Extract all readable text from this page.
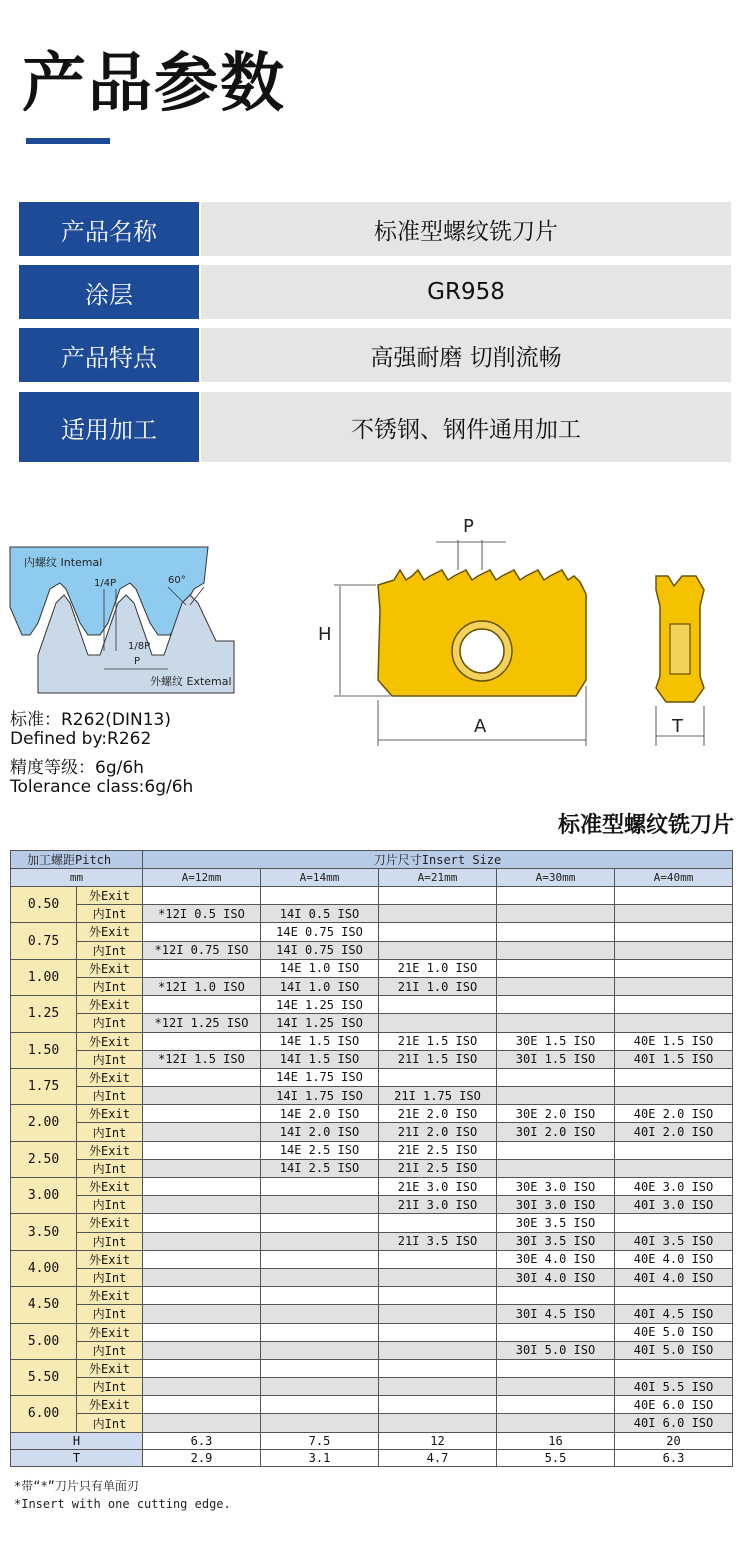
产品参数
产品名称	标准型螺纹铣刀片
涂层	GR958
产品特点	高强耐磨 切削流畅
适用加工	不锈钢、钢件通用加工
内螺纹 Intemal
外螺纹 Extemal
1/4P
1/8P
P
60°
H
P
A	T
标准：R262(DIN13)
Defined by:R262
精度等级：6g/6h
Tolerance class:6g/6h
标准型螺纹铣刀片
加工螺距Pitch		刀片尺寸Insert Size				
mm		A=12mm	A=14mm	A=21mm	A=30mm	A=40mm
0.50	外Exit					
	内Int	*12I 0.5 ISO	14I 0.5 ISO			
0.75	外Exit		14E 0.75 ISO			
	内Int	*12I 0.75 ISO	14I 0.75 ISO			
1.00	外Exit		14E 1.0 ISO	21E 1.0 ISO		
	内Int	*12I 1.0 ISO	14I 1.0 ISO	21I 1.0 ISO		
1.25	外Exit		14E 1.25 ISO			
	内Int	*12I 1.25 ISO	14I 1.25 ISO			
1.50	外Exit		14E 1.5 ISO	21E 1.5 ISO	30E 1.5 ISO	40E 1.5 ISO
	内Int	*12I 1.5 ISO	14I 1.5 ISO	21I 1.5 ISO	30I 1.5 ISO	40I 1.5 ISO
1.75	外Exit		14E 1.75 ISO			
	内Int		14I 1.75 ISO	21I 1.75 ISO		
2.00	外Exit		14E 2.0 ISO	21E 2.0 ISO	30E 2.0 ISO	40E 2.0 ISO
	内Int		14I 2.0 ISO	21I 2.0 ISO	30I 2.0 ISO	40I 2.0 ISO
2.50	外Exit		14E 2.5 ISO	21E 2.5 ISO		
	内Int		14I 2.5 ISO	21I 2.5 ISO		
3.00	外Exit			21E 3.0 ISO	30E 3.0 ISO	40E 3.0 ISO
	内Int			21I 3.0 ISO	30I 3.0 ISO	40I 3.0 ISO
3.50	外Exit				30E 3.5 ISO	
	内Int			21I 3.5 ISO	30I 3.5 ISO	40I 3.5 ISO
4.00	外Exit				30E 4.0 ISO	40E 4.0 ISO
	内Int				30I 4.0 ISO	40I 4.0 ISO
4.50	外Exit					
	内Int				30I 4.5 ISO	40I 4.5 ISO
5.00	外Exit					40E 5.0 ISO
	内Int				30I 5.0 ISO	40I 5.0 ISO
5.50	外Exit					
	内Int					40I 5.5 ISO
6.00	外Exit					40E 6.0 ISO
	内Int					40I 6.0 ISO
H		6.3	7.5	12	16	20
T		2.9	3.1	4.7	5.5	6.3
*带“*”刀片只有单面刃
*Insert with one cutting edge.
